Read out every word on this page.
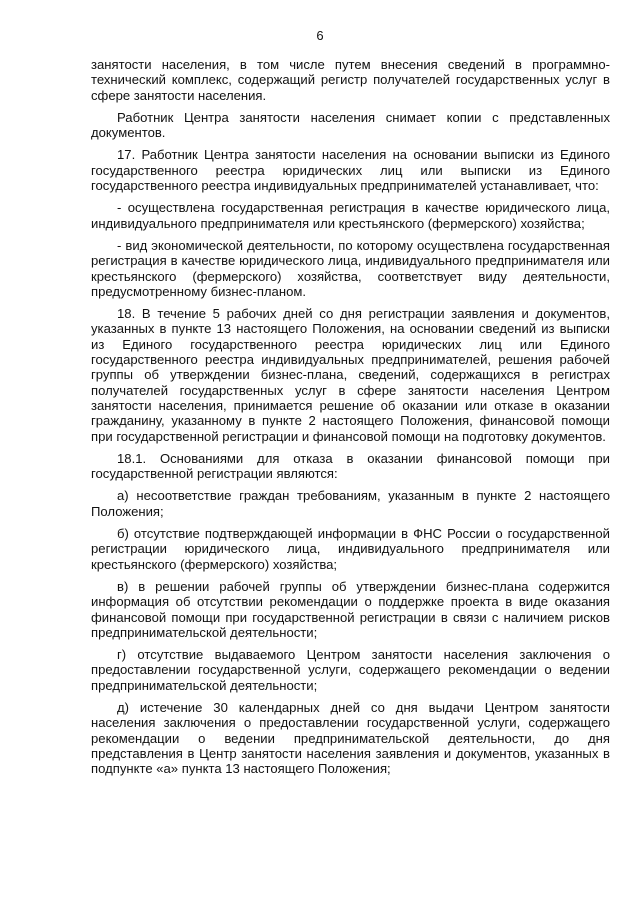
6

занятости населения, в том числе путем внесения сведений в программно-технический комплекс, содержащий регистр получателей государственных услуг в сфере занятости населения.

Работник Центра занятости населения снимает копии с представленных документов.

17. Работник Центра занятости населения на основании выписки из Единого государственного реестра юридических лиц или выписки из Единого государственного реестра индивидуальных предпринимателей устанавливает, что:

- осуществлена государственная регистрация в качестве юридического лица, индивидуального предпринимателя или крестьянского (фермерского) хозяйства;

- вид экономической деятельности, по которому осуществлена государственная регистрация в качестве юридического лица, индивидуального предпринимателя или крестьянского (фермерского) хозяйства, соответствует виду деятельности, предусмотренному бизнес-планом.

18. В течение 5 рабочих дней со дня регистрации заявления и документов, указанных в пункте 13 настоящего Положения, на основании сведений из выписки из Единого государственного реестра юридических лиц или Единого государственного реестра индивидуальных предпринимателей, решения рабочей группы об утверждении бизнес-плана, сведений, содержащихся в регистрах получателей государственных услуг в сфере занятости населения Центром занятости населения, принимается решение об оказании или отказе в оказании гражданину, указанному в пункте 2 настоящего Положения, финансовой помощи при государственной регистрации и финансовой помощи на подготовку документов.

18.1. Основаниями для отказа в оказании финансовой помощи при государственной регистрации являются:

а) несоответствие граждан требованиям, указанным в пункте 2 настоящего Положения;

б) отсутствие подтверждающей информации в ФНС России о государственной регистрации юридического лица, индивидуального предпринимателя или крестьянского (фермерского) хозяйства;

в) в решении рабочей группы об утверждении бизнес-плана содержится информация об отсутствии рекомендации о поддержке проекта в виде оказания финансовой помощи при государственной регистрации в связи с наличием рисков предпринимательской деятельности;

г) отсутствие выдаваемого Центром занятости населения заключения о предоставлении государственной услуги, содержащего рекомендации о ведении предпринимательской деятельности;

д) истечение 30 календарных дней со дня выдачи Центром занятости населения заключения о предоставлении государственной услуги, содержащего рекомендации о ведении предпринимательской деятельности, до дня представления в Центр занятости населения заявления и документов, указанных в подпункте «а» пункта 13 настоящего Положения;
